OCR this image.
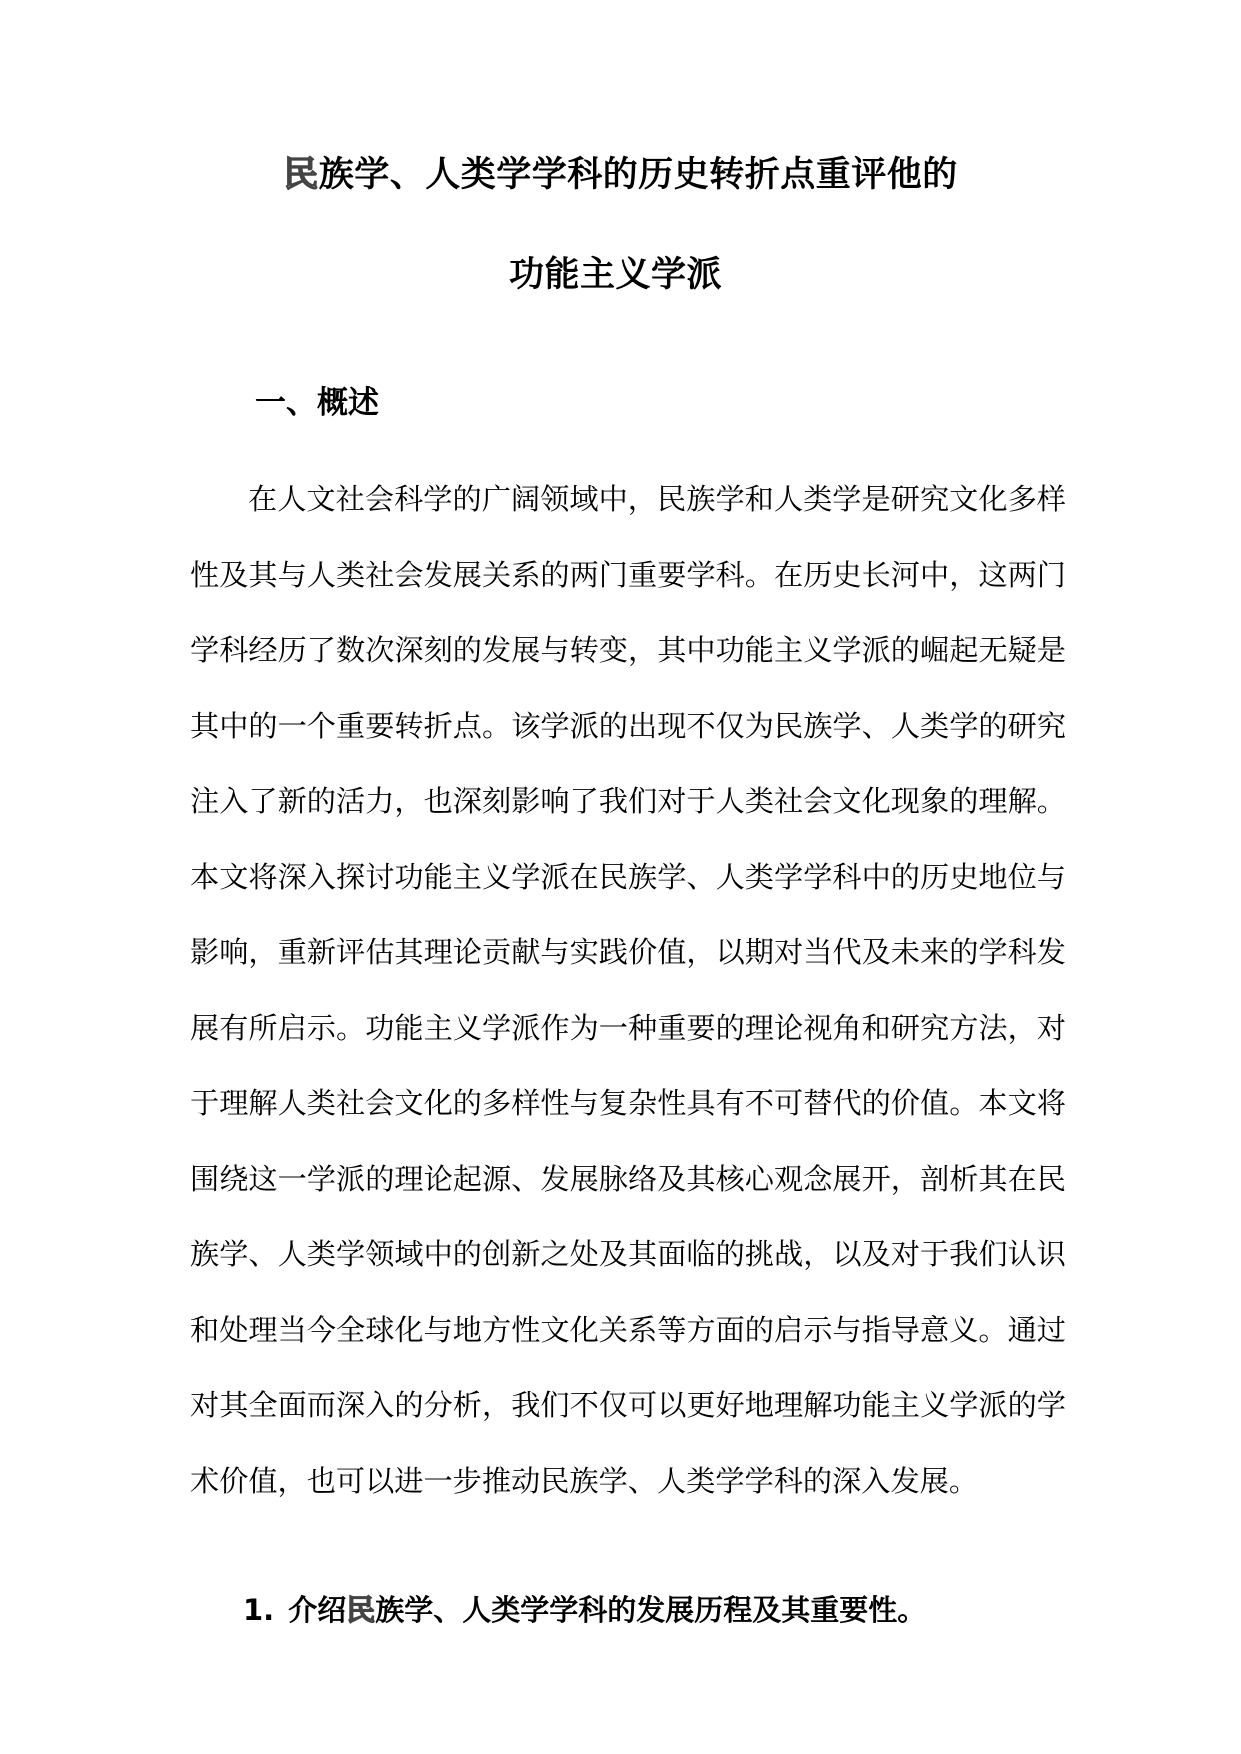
民族学、人类学学科的历史转折点重评他的
功能主义学派
一、概述

在人文社会科学的广阔领域中，民族学和人类学是研究文化多样性及其与人类社会发展关系的两门重要学科。在历史长河中，这两门学科经历了数次深刻的发展与转变，其中功能主义学派的崛起无疑是其中的一个重要转折点。该学派的出现不仅为民族学、人类学的研究注入了新的活力，也深刻影响了我们对于人类社会文化现象的理解。本文将深入探讨功能主义学派在民族学、人类学学科中的历史地位与影响，重新评估其理论贡献与实践价值，以期对当代及未来的学科发展有所启示。功能主义学派作为一种重要的理论视角和研究方法，对于理解人类社会文化的多样性与复杂性具有不可替代的价值。本文将围绕这一学派的理论起源、发展脉络及其核心观念展开，剖析其在民族学、人类学领域中的创新之处及其面临的挑战，以及对于我们认识和处理当今全球化与地方性文化关系等方面的启示与指导意义。通过对其全面而深入的分析，我们不仅可以更好地理解功能主义学派的学术价值，也可以进一步推动民族学、人类学学科的深入发展。

1. 介绍民族学、人类学学科的发展历程及其重要性。
